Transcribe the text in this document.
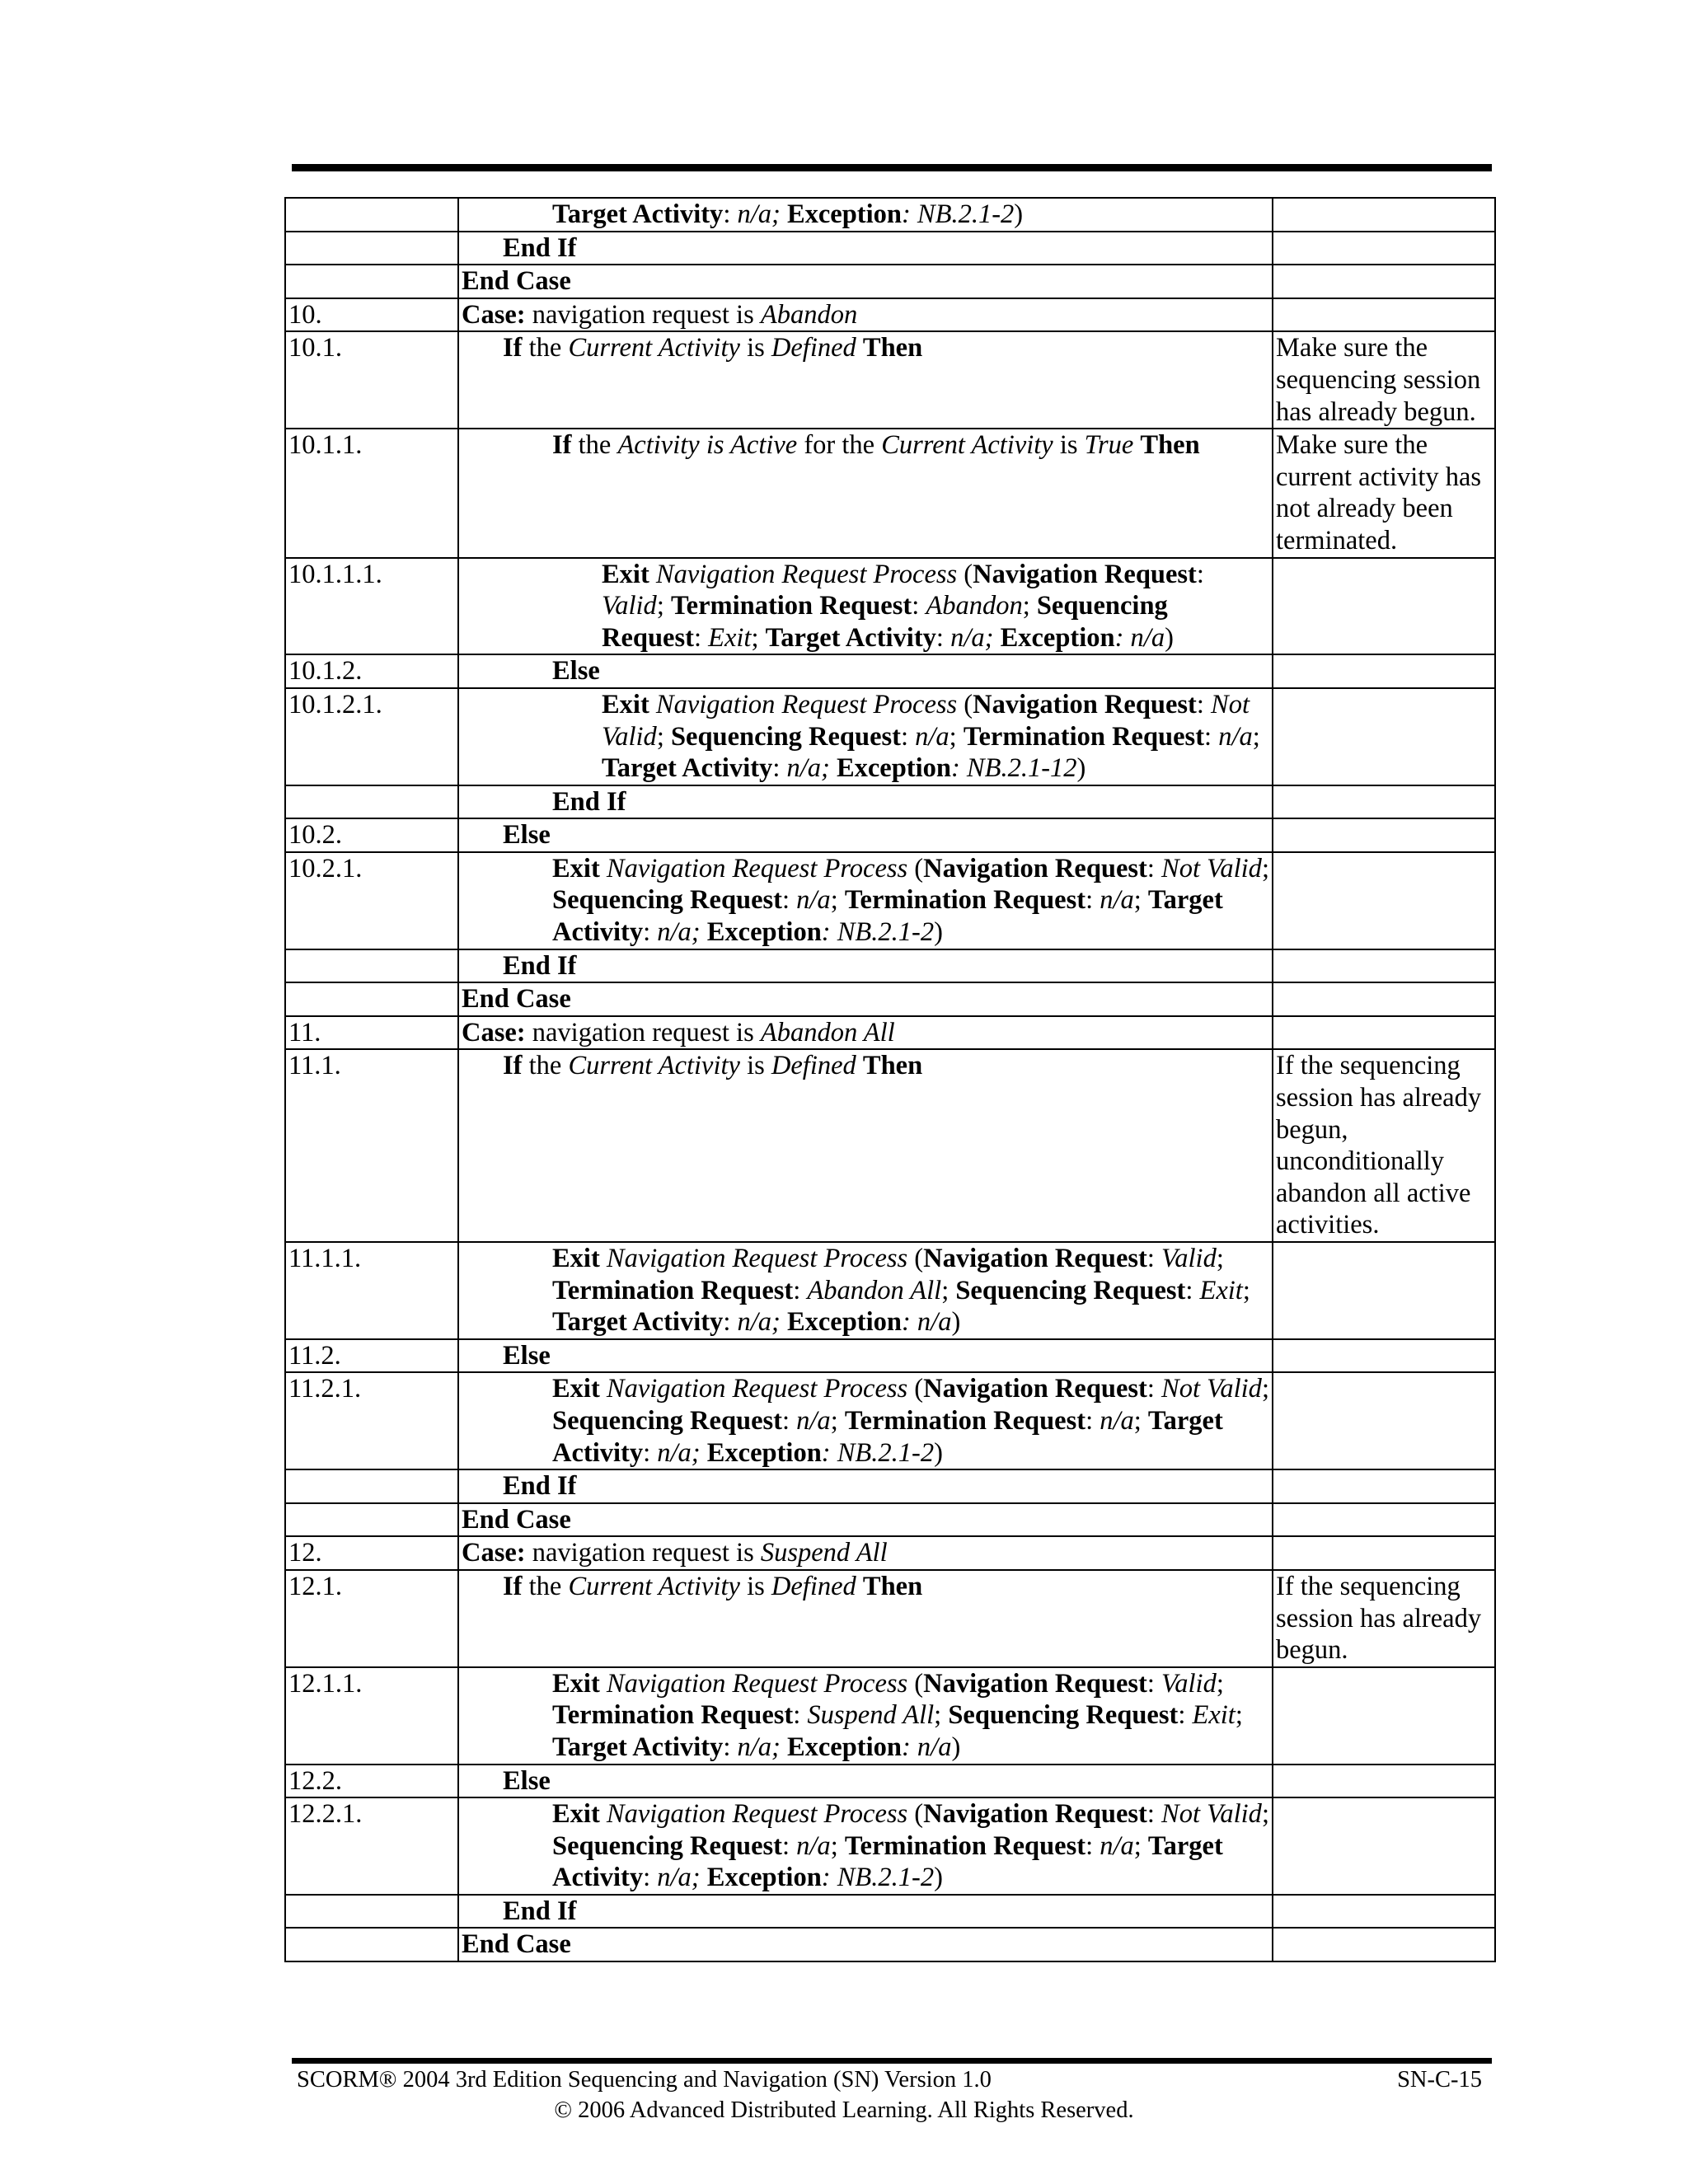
	Target Activity: n/a; Exception: NB.2.1-2)	

	End If	

	End Case	

10.	Case: navigation request is Abandon	

10.1.	If the Current Activity is Defined Then	Make sure the sequencing session has already begun.
10.1.1.	If the Activity is Active for the Current Activity is True Then	Make sure the current activity has not already been terminated.
10.1.1.1.	Exit Navigation Request Process (Navigation Request: Valid; Termination Request: Abandon; Sequencing Request: Exit; Target Activity: n/a; Exception: n/a)	

10.1.2.	Else	

10.1.2.1.	Exit Navigation Request Process (Navigation Request: Not Valid; Sequencing Request: n/a; Termination Request: n/a; Target Activity: n/a; Exception: NB.2.1-12)	

	End If	

10.2.	Else	

10.2.1.	Exit Navigation Request Process (Navigation Request: Not Valid; Sequencing Request: n/a; Termination Request: n/a; Target Activity: n/a; Exception: NB.2.1-2)	

	End If	

	End Case	

11.	Case: navigation request is Abandon All	

11.1.	If the Current Activity is Defined Then	If the sequencing session has already begun, unconditionally abandon all active activities.
11.1.1.	Exit Navigation Request Process (Navigation Request: Valid; Termination Request: Abandon All; Sequencing Request: Exit; Target Activity: n/a; Exception: n/a)	

11.2.	Else	

11.2.1.	Exit Navigation Request Process (Navigation Request: Not Valid; Sequencing Request: n/a; Termination Request: n/a; Target Activity: n/a; Exception: NB.2.1-2)	

	End If	

	End Case	

12.	Case: navigation request is Suspend All	

12.1.	If the Current Activity is Defined Then	If the sequencing session has already begun.
12.1.1.	Exit Navigation Request Process (Navigation Request: Valid; Termination Request: Suspend All; Sequencing Request: Exit; Target Activity: n/a; Exception: n/a)	

12.2.	Else	

12.2.1.	Exit Navigation Request Process (Navigation Request: Not Valid; Sequencing Request: n/a; Termination Request: n/a; Target Activity: n/a; Exception: NB.2.1-2)	

	End If	

	End Case	

SCORM® 2004 3rd Edition Sequencing and Navigation (SN) Version 1.0	SN-C-15
© 2006 Advanced Distributed Learning. All Rights Reserved.
